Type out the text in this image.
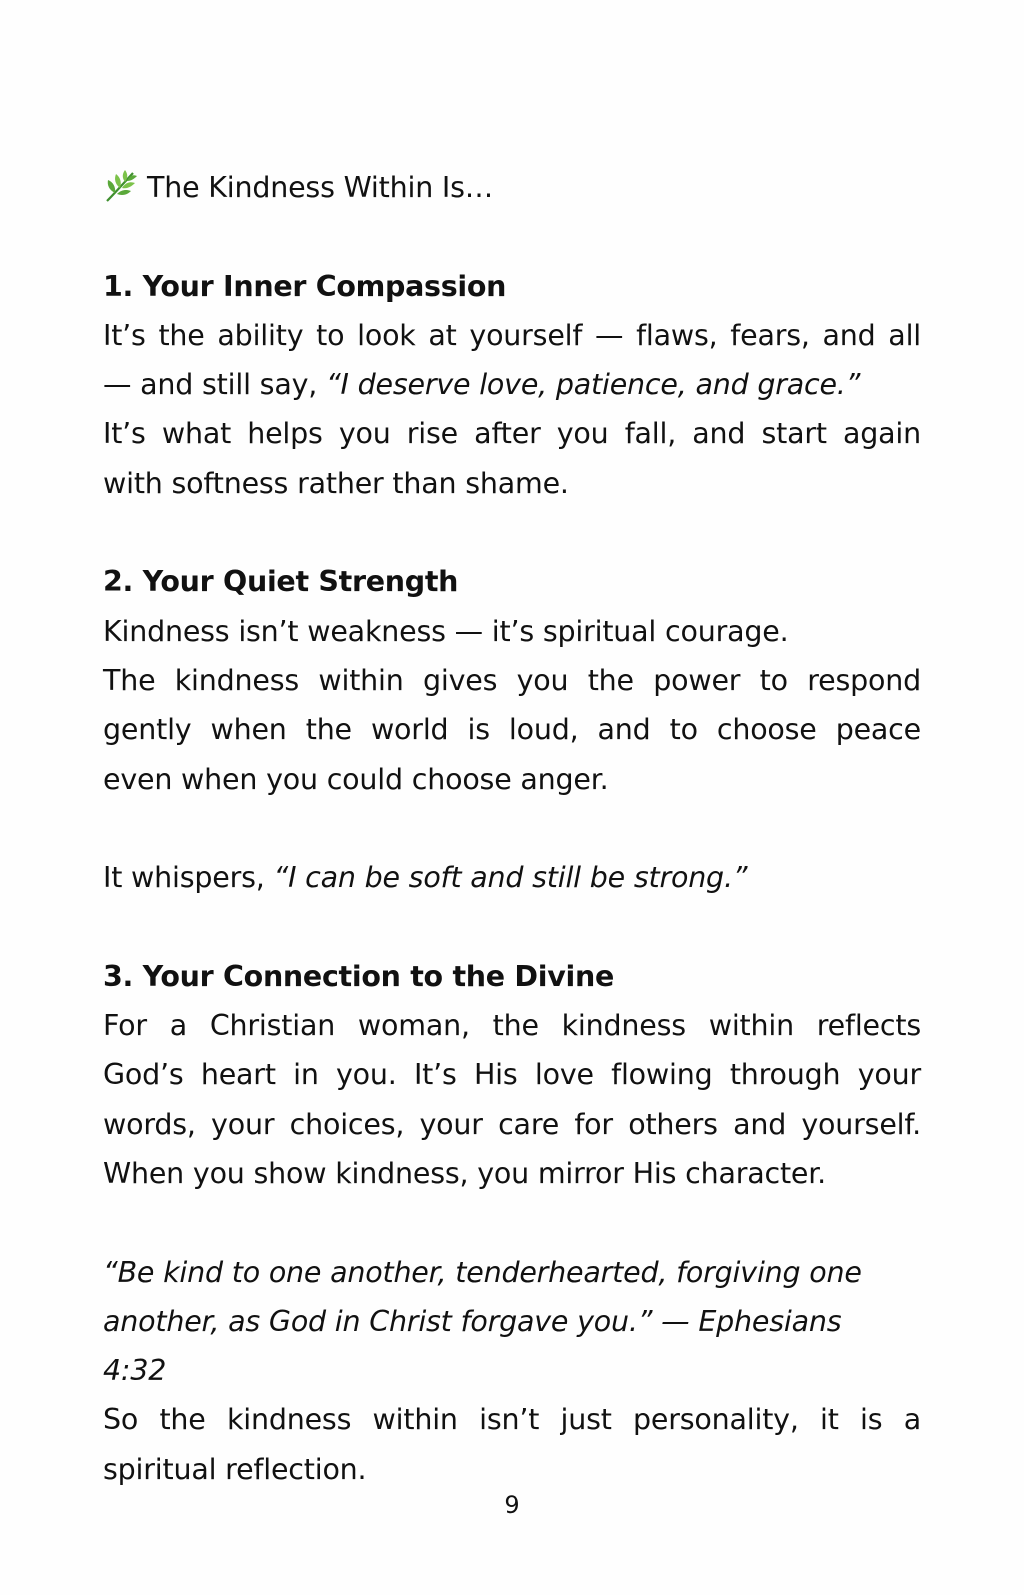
The Kindness Within Is…
1. Your Inner Compassion
It’s the ability to look at yourself — flaws, fears, and all
— and still say, “I deserve love, patience, and grace.”
It’s what helps you rise after you fall, and start again
with softness rather than shame.
2. Your Quiet Strength
Kindness isn’t weakness — it’s spiritual courage.
The kindness within gives you the power to respond
gently when the world is loud, and to choose peace
even when you could choose anger.
It whispers, “I can be soft and still be strong.”
3. Your Connection to the Divine
For a Christian woman, the kindness within reflects
God’s heart in you. It’s His love flowing through your
words, your choices, your care for others and yourself.
When you show kindness, you mirror His character.
“Be kind to one another, tenderhearted, forgiving one
another, as God in Christ forgave you.” — Ephesians
4:32
So the kindness within isn’t just personality, it is a
spiritual reflection.
9
